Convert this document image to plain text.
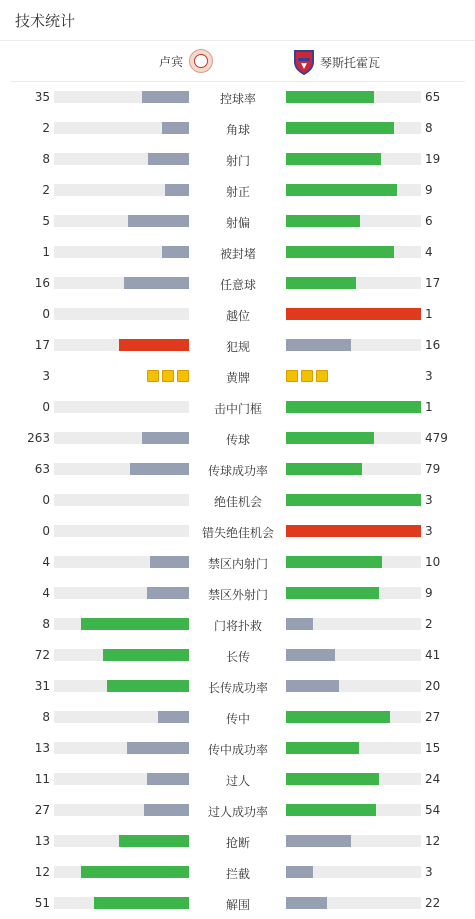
技术统计
卢宾	琴斯托霍瓦
35	控球率	65
2	角球	8
8	射门	19
2	射正	9
5	射偏	6
1	被封堵	4
16	任意球	17
0	越位	1
17	犯规	16
3	黄牌	3
0	击中门框	1
263	传球	479
63	传球成功率	79
0	绝佳机会	3
0	错失绝佳机会	3
4	禁区内射门	10
4	禁区外射门	9
8	门将扑救	2
72	长传	41
31	长传成功率	20
8	传中	27
13	传中成功率	15
11	过人	24
27	过人成功率	54
13	抢断	12
12	拦截	3
51	解围	22
